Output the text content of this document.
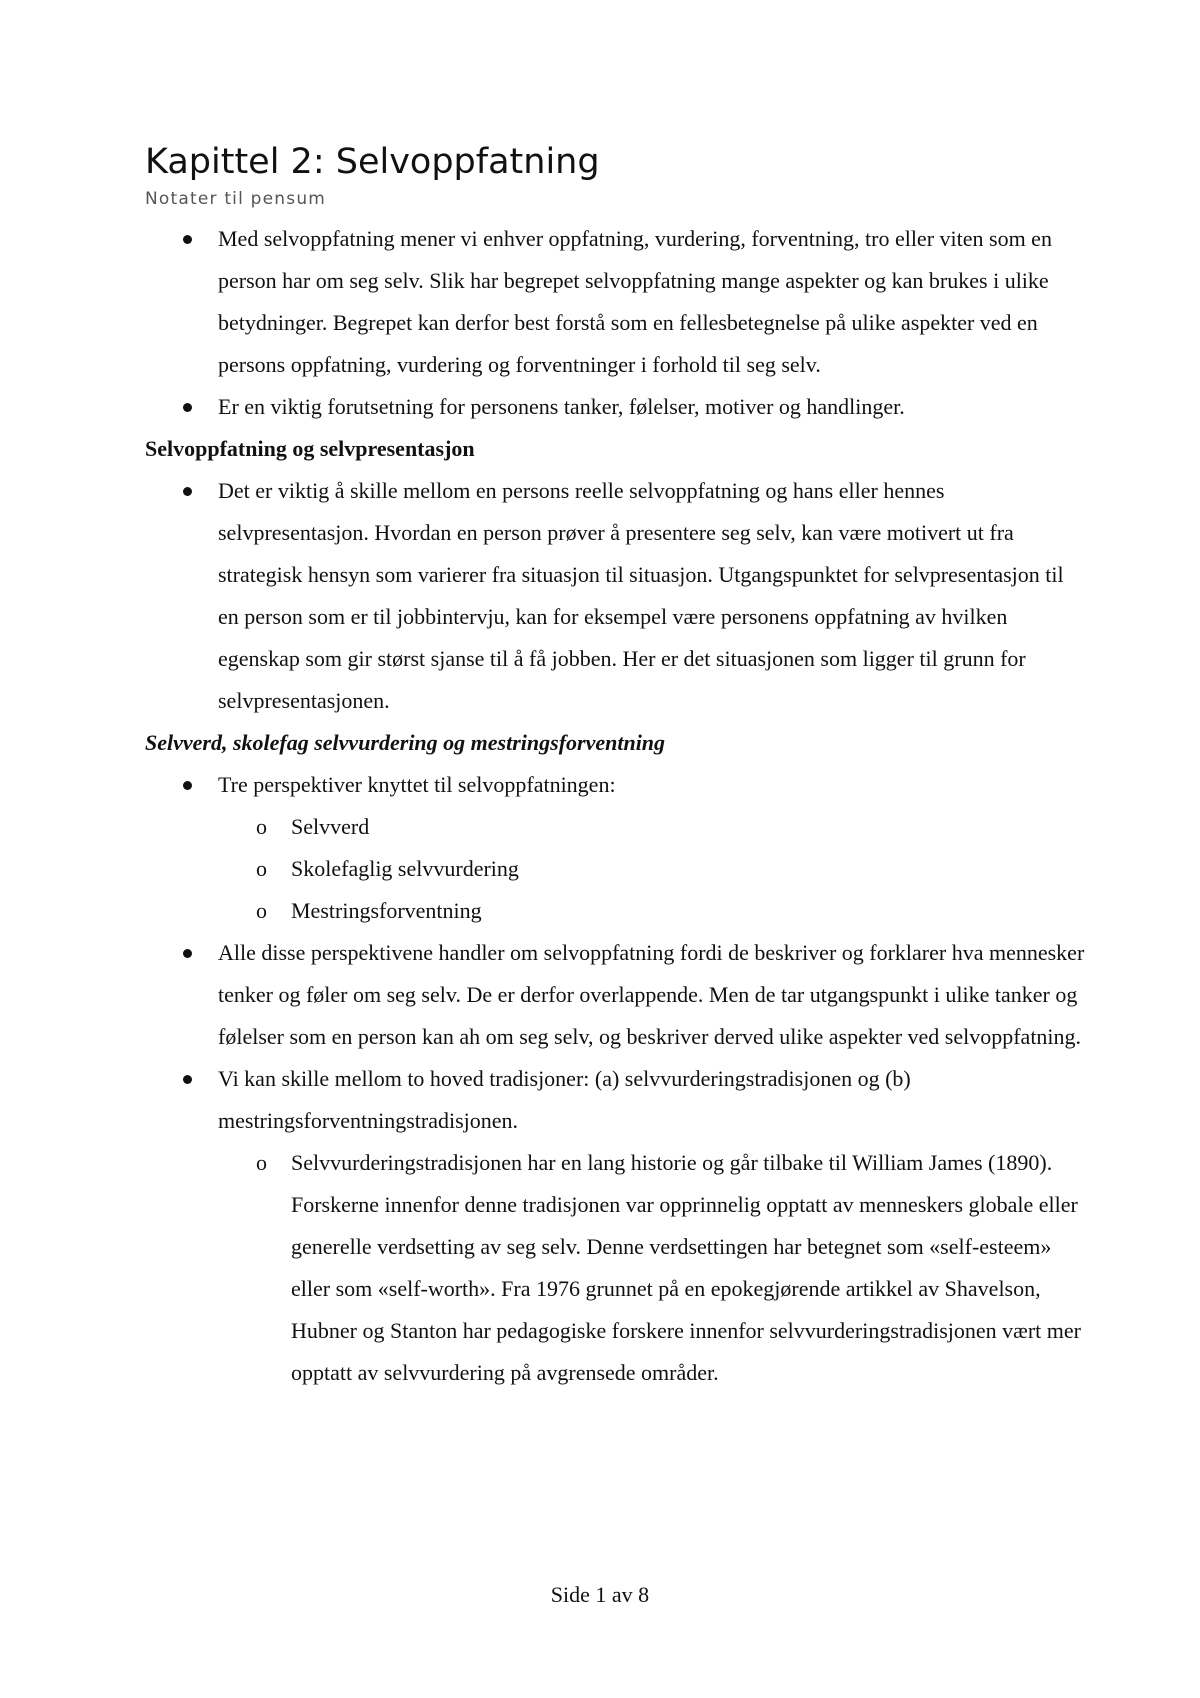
Kapittel 2: Selvoppfatning
Notater til pensum
Med selvoppfatning mener vi enhver oppfatning, vurdering, forventning, tro eller viten som en person har om seg selv. Slik har begrepet selvoppfatning mange aspekter og kan brukes i ulike betydninger. Begrepet kan derfor best forstå som en fellesbetegnelse på ulike aspekter ved en persons oppfatning, vurdering og forventninger i forhold til seg selv.
Er en viktig forutsetning for personens tanker, følelser, motiver og handlinger.
Selvoppfatning og selvpresentasjon
Det er viktig å skille mellom en persons reelle selvoppfatning og hans eller hennes selvpresentasjon. Hvordan en person prøver å presentere seg selv, kan være motivert ut fra strategisk hensyn som varierer fra situasjon til situasjon. Utgangspunktet for selvpresentasjon til en person som er til jobbintervju, kan for eksempel være personens oppfatning av hvilken egenskap som gir størst sjanse til å få jobben. Her er det situasjonen som ligger til grunn for selvpresentasjonen.
Selvverd, skolefag selvvurdering og mestringsforventning
Tre perspektiver knyttet til selvoppfatningen:
o Selvverd
o Skolefaglig selvvurdering
o Mestringsforventning
Alle disse perspektivene handler om selvoppfatning fordi de beskriver og forklarer hva mennesker tenker og føler om seg selv. De er derfor overlappende. Men de tar utgangspunkt i ulike tanker og følelser som en person kan ah om seg selv, og beskriver derved ulike aspekter ved selvoppfatning.
Vi kan skille mellom to hoved tradisjoner: (a) selvvurderingstradisjonen og (b) mestringsforventningstradisjonen.
o Selvvurderingstradisjonen har en lang historie og går tilbake til William James (1890). Forskerne innenfor denne tradisjonen var opprinnelig opptatt av menneskers globale eller generelle verdsetting av seg selv. Denne verdsettingen har betegnet som «self-esteem» eller som «self-worth». Fra 1976 grunnet på en epokegjørende artikkel av Shavelson, Hubner og Stanton har pedagogiske forskere innenfor selvvurderingstradisjonen vært mer opptatt av selvvurdering på avgrensede områder.
Side 1 av 8
